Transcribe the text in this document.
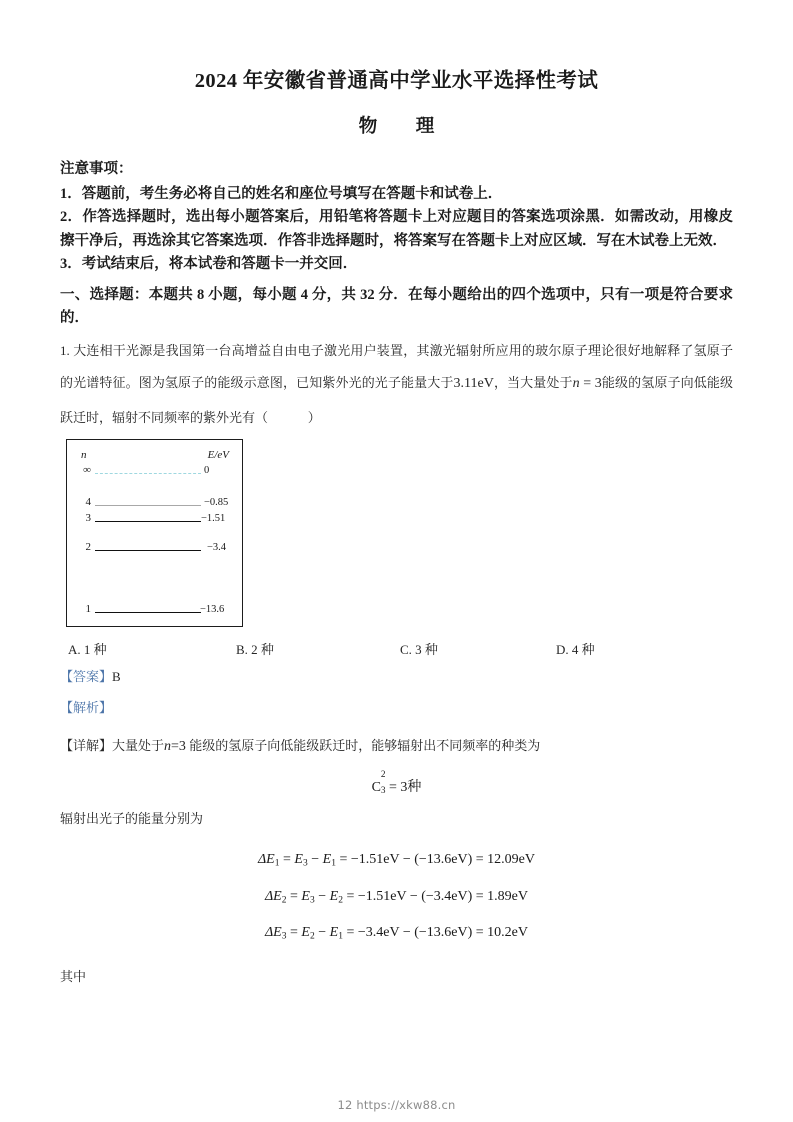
2024 年安徽省普通高中学业水平选择性考试
物　理

注意事项：

1．答题前，考生务必将自己的姓名和座位号填写在答题卡和试卷上．

2．作答选择题时，选出每小题答案后，用铅笔将答题卡上对应题目的答案选项涂黑．如需改动，用橡皮擦干净后，再选涂其它答案选项．作答非选择题时，将答案写在答题卡上对应区域．写在木试卷上无效．

3．考试结束后，将本试卷和答题卡一并交回．

一、选择题：本题共 8 小题，每小题 4 分，共 32 分．在每小题给出的四个选项中，只有一项是符合要求的．

1. 大连相干光源是我国第一台高增益自由电子激光用户装置，其激光辐射所应用的玻尔原子理论很好地解释了氢原子的光谱特征。图为氢原子的能级示意图，已知紫外光的光子能量大于3.11eV，当大量处于n = 3能级的氢原子向低能级跃迁时，辐射不同频率的紫外光有（	）

n	E/eV
∞	0
4	−0.85
3	−1.51
2	−3.4
1	−13.6
A. 1 种	B. 2 种	C. 3 种	D. 4 种

【答案】B

【解析】

【详解】大量处于n=3 能级的氢原子向低能级跃迁时，能够辐射出不同频率的种类为

C
2
3 = 3种

辐射出光子的能量分别为

$\Delta E_1 = E_3 - E_1 = -1.51eV - (-13.6eV) = 12.09eV$

$\Delta E_2 = E_3 - E_2 = -1.51eV - (-3.4eV) = 1.89eV$

$\Delta E_3 = E_2 - E_1 = -3.4eV - (-13.6eV) = 10.2eV$

其中

12 https://xkw88.cn
